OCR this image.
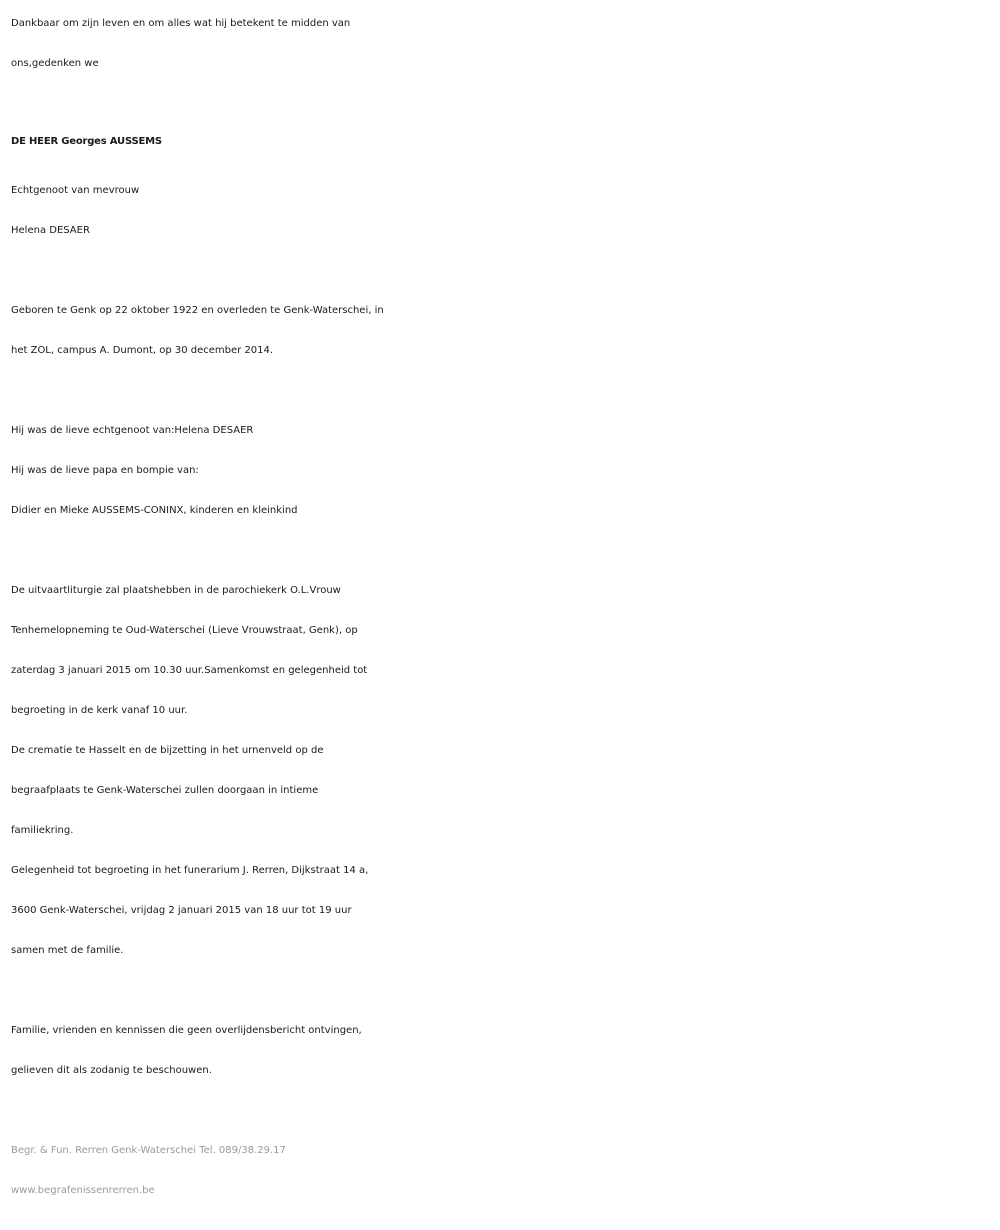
Dankbaar om zijn leven en om alles wat hij betekent te midden van
ons,gedenken we
DE HEER Georges AUSSEMS
Echtgenoot van mevrouw
Helena DESAER
Geboren te Genk op 22 oktober 1922 en overleden te Genk-Waterschei, in
het ZOL, campus A. Dumont, op 30 december 2014.
Hij was de lieve echtgenoot van:Helena DESAER
Hij was de lieve papa en bompie van:
Didier en Mieke AUSSEMS-CONINX, kinderen en kleinkind
De uitvaartliturgie zal plaatshebben in de parochiekerk O.L.Vrouw
Tenhemelopneming te Oud-Waterschei (Lieve Vrouwstraat, Genk), op
zaterdag 3 januari 2015 om 10.30 uur.Samenkomst en gelegenheid tot
begroeting in de kerk vanaf 10 uur.
De crematie te Hasselt en de bijzetting in het urnenveld op de
begraafplaats te Genk-Waterschei zullen doorgaan in intieme
familiekring.
Gelegenheid tot begroeting in het funerarium J. Rerren, Dijkstraat 14 a,
3600 Genk-Waterschei, vrijdag 2 januari 2015 van 18 uur tot 19 uur
samen met de familie.
Familie, vrienden en kennissen die geen overlijdensbericht ontvingen,
gelieven dit als zodanig te beschouwen.
Begr. & Fun. Rerren Genk-Waterschei Tel. 089/38.29.17
www.begrafenissenrerren.be
